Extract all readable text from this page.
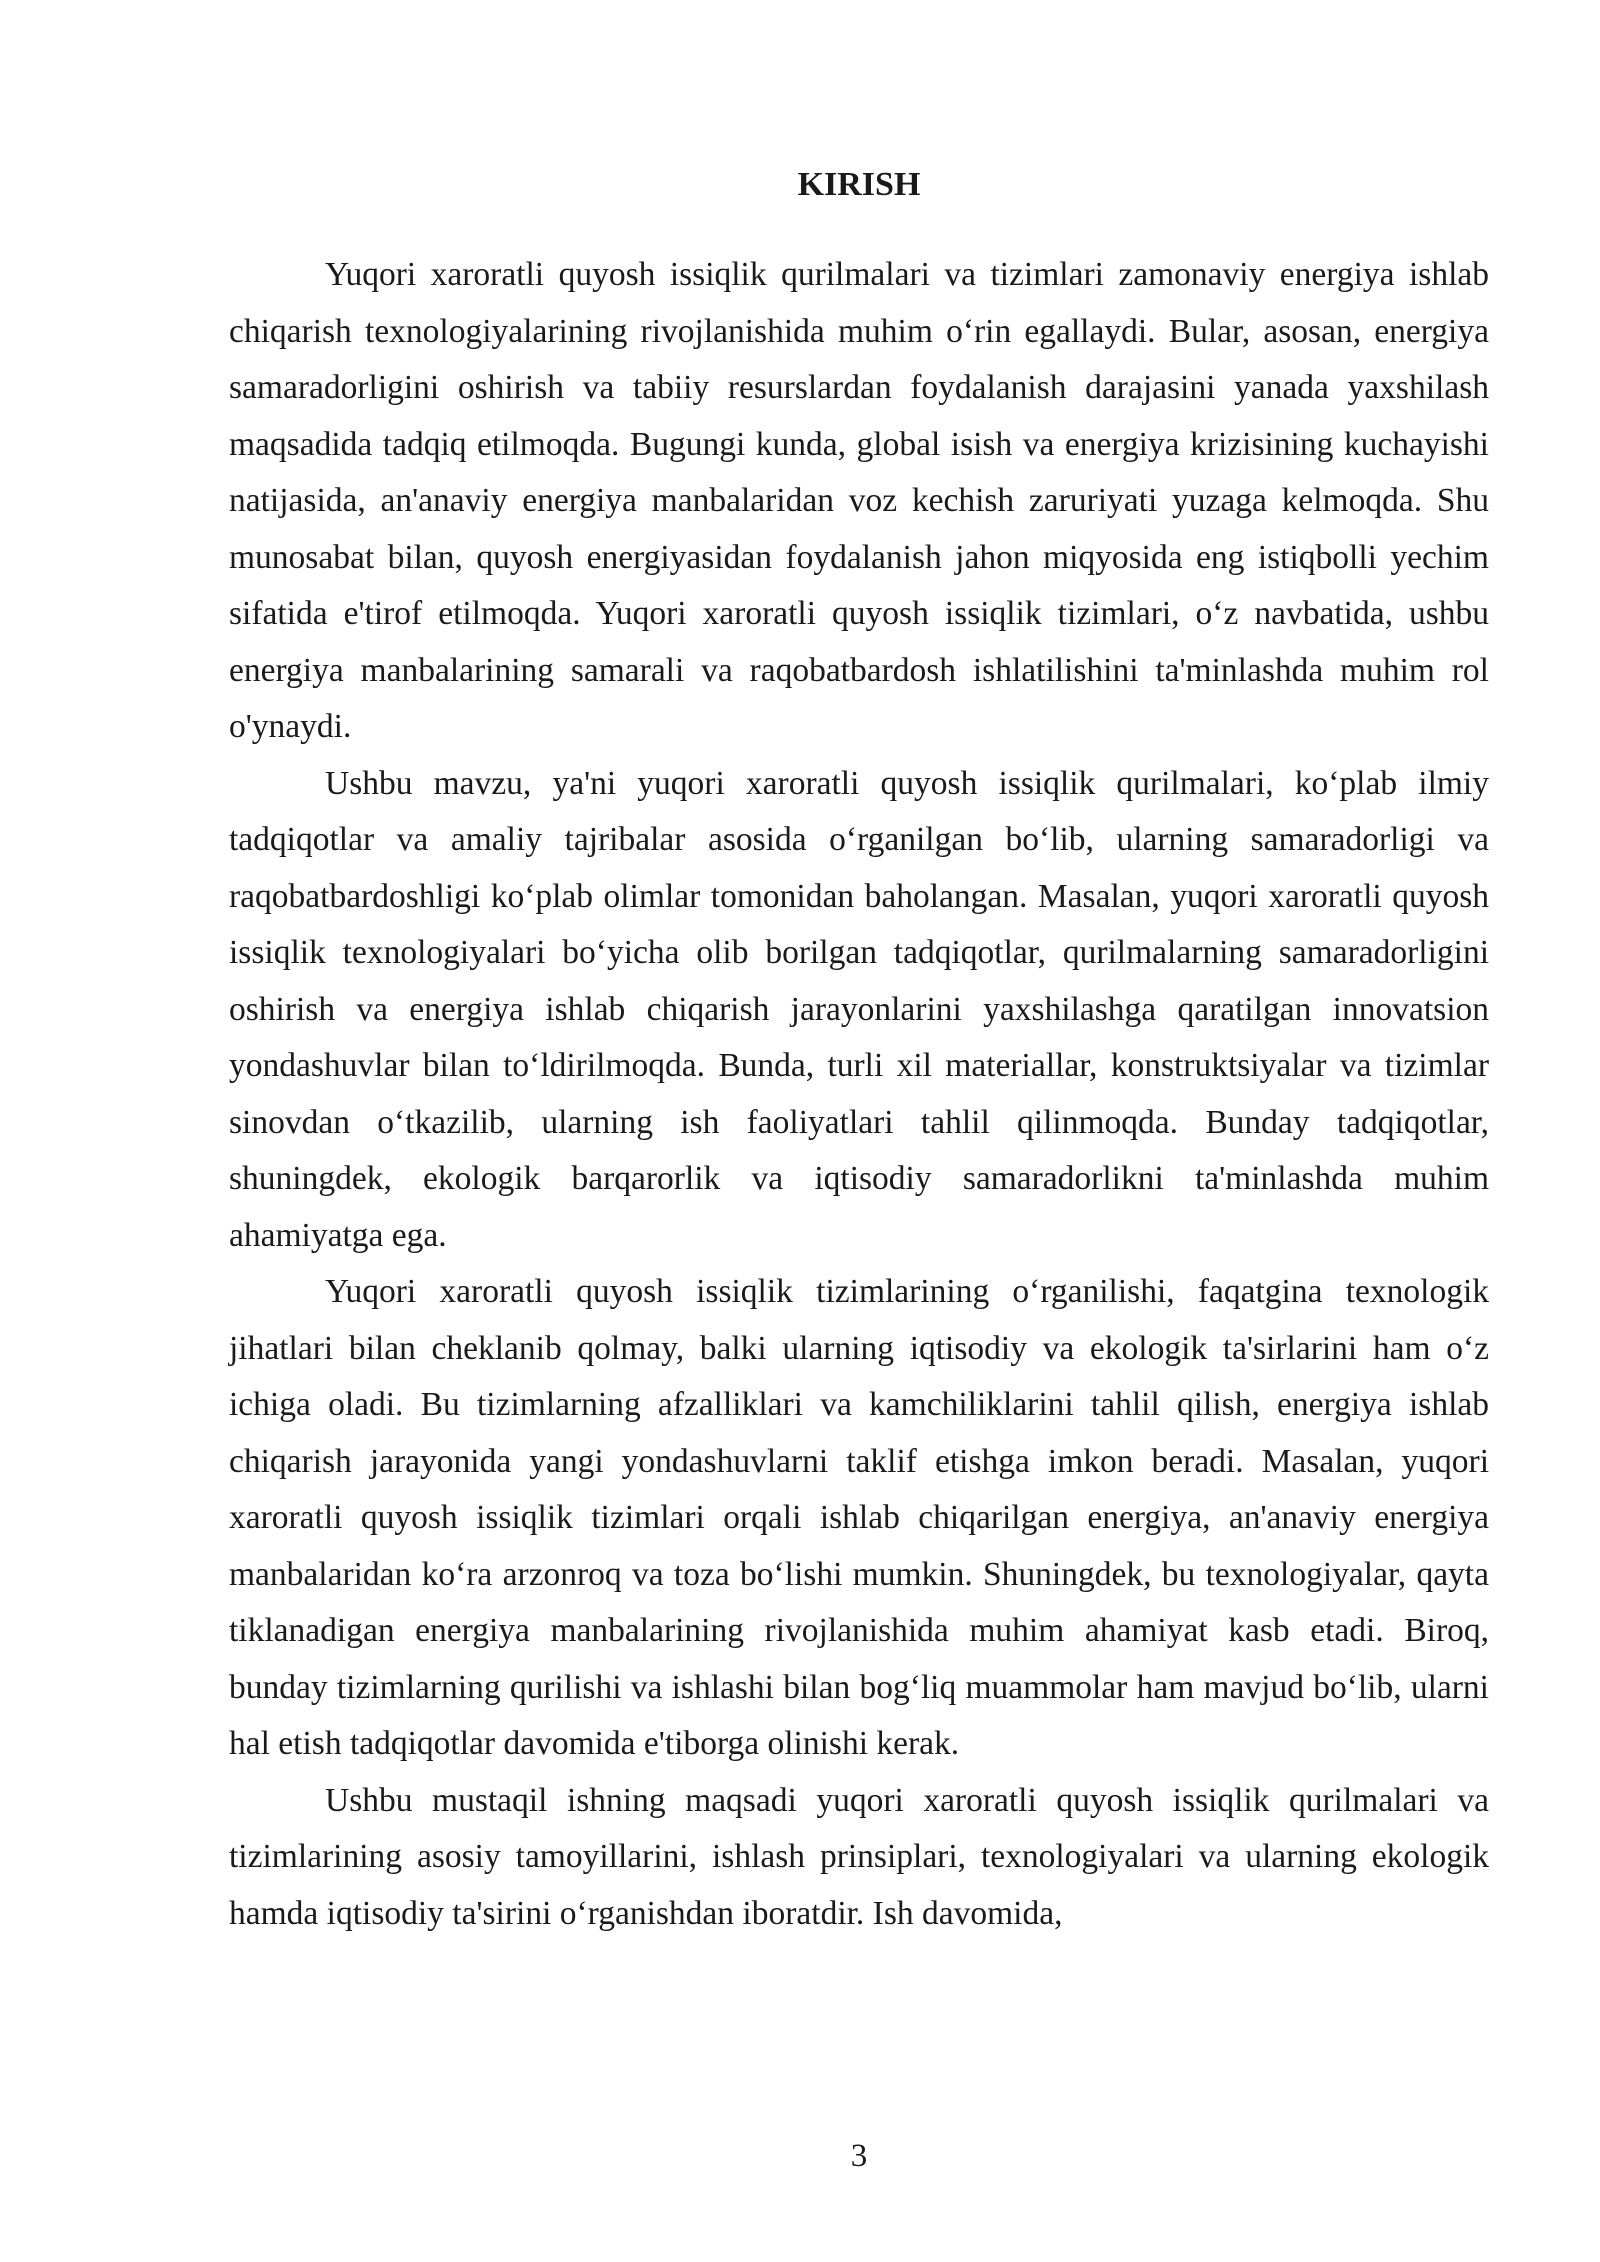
KIRISH

Yuqori xaroratli quyosh issiqlik qurilmalari va tizimlari zamonaviy energiya ishlab chiqarish texnologiyalarining rivojlanishida muhim o‘rin egallaydi. Bular, asosan, energiya samaradorligini oshirish va tabiiy resurslardan foydalanish darajasini yanada yaxshilash maqsadida tadqiq etilmoqda. Bugungi kunda, global isish va energiya krizisining kuchayishi natijasida, an'anaviy energiya manbalaridan voz kechish zaruriyati yuzaga kelmoqda. Shu munosabat bilan, quyosh energiyasidan foydalanish jahon miqyosida eng istiqbolli yechim sifatida e'tirof etilmoqda. Yuqori xaroratli quyosh issiqlik tizimlari, o‘z navbatida, ushbu energiya manbalarining samarali va raqobatbardosh ishlatilishini ta'minlashda muhim rol o'ynaydi.

Ushbu mavzu, ya'ni yuqori xaroratli quyosh issiqlik qurilmalari, ko‘plab ilmiy tadqiqotlar va amaliy tajribalar asosida o‘rganilgan bo‘lib, ularning samaradorligi va raqobatbardoshligi ko‘plab olimlar tomonidan baholangan. Masalan, yuqori xaroratli quyosh issiqlik texnologiyalari bo‘yicha olib borilgan tadqiqotlar, qurilmalarning samaradorligini oshirish va energiya ishlab chiqarish jarayonlarini yaxshilashga qaratilgan innovatsion yondashuvlar bilan to‘ldirilmoqda. Bunda, turli xil materiallar, konstruktsiyalar va tizimlar sinovdan o‘tkazilib, ularning ish faoliyatlari tahlil qilinmoqda. Bunday tadqiqotlar, shuningdek, ekologik barqarorlik va iqtisodiy samaradorlikni ta'minlashda muhim ahamiyatga ega.

Yuqori xaroratli quyosh issiqlik tizimlarining o‘rganilishi, faqatgina texnologik jihatlari bilan cheklanib qolmay, balki ularning iqtisodiy va ekologik ta'sirlarini ham o‘z ichiga oladi. Bu tizimlarning afzalliklari va kamchiliklarini tahlil qilish, energiya ishlab chiqarish jarayonida yangi yondashuvlarni taklif etishga imkon beradi. Masalan, yuqori xaroratli quyosh issiqlik tizimlari orqali ishlab chiqarilgan energiya, an'anaviy energiya manbalaridan ko‘ra arzonroq va toza bo‘lishi mumkin. Shuningdek, bu texnologiyalar, qayta tiklanadigan energiya manbalarining rivojlanishida muhim ahamiyat kasb etadi. Biroq, bunday tizimlarning qurilishi va ishlashi bilan bog‘liq muammolar ham mavjud bo‘lib, ularni hal etish tadqiqotlar davomida e'tiborga olinishi kerak.

Ushbu mustaqil ishning maqsadi yuqori xaroratli quyosh issiqlik qurilmalari va tizimlarining asosiy tamoyillarini, ishlash prinsiplari, texnologiyalari va ularning ekologik hamda iqtisodiy ta'sirini o‘rganishdan iboratdir. Ish davomida,

3
